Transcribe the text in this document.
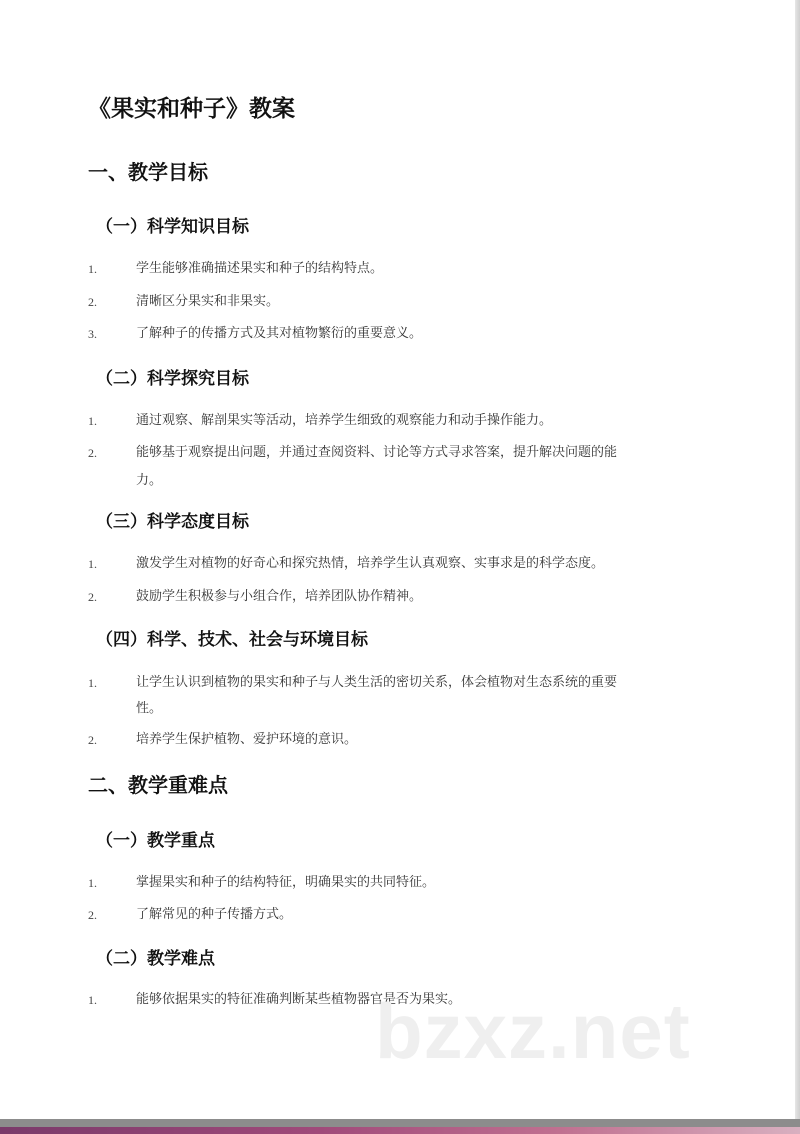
《果实和种子》教案
一、教学目标
（一）科学知识目标
1.	学生能够准确描述果实和种子的结构特点。
2.	清晰区分果实和非果实。
3.	了解种子的传播方式及其对植物繁衍的重要意义。
（二）科学探究目标
1.	通过观察、解剖果实等活动，培养学生细致的观察能力和动手操作能力。
2.	能够基于观察提出问题，并通过查阅资料、讨论等方式寻求答案，提升解决问题的能
力。
（三）科学态度目标
1.	激发学生对植物的好奇心和探究热情，培养学生认真观察、实事求是的科学态度。
2.	鼓励学生积极参与小组合作，培养团队协作精神。
（四）科学、技术、社会与环境目标
1.	让学生认识到植物的果实和种子与人类生活的密切关系，体会植物对生态系统的重要
性。
2.	培养学生保护植物、爱护环境的意识。
二、教学重难点
（一）教学重点
1.	掌握果实和种子的结构特征，明确果实的共同特征。
2.	了解常见的种子传播方式。
（二）教学难点
1.	能够依据果实的特征准确判断某些植物器官是否为果实。
bzxz.net
